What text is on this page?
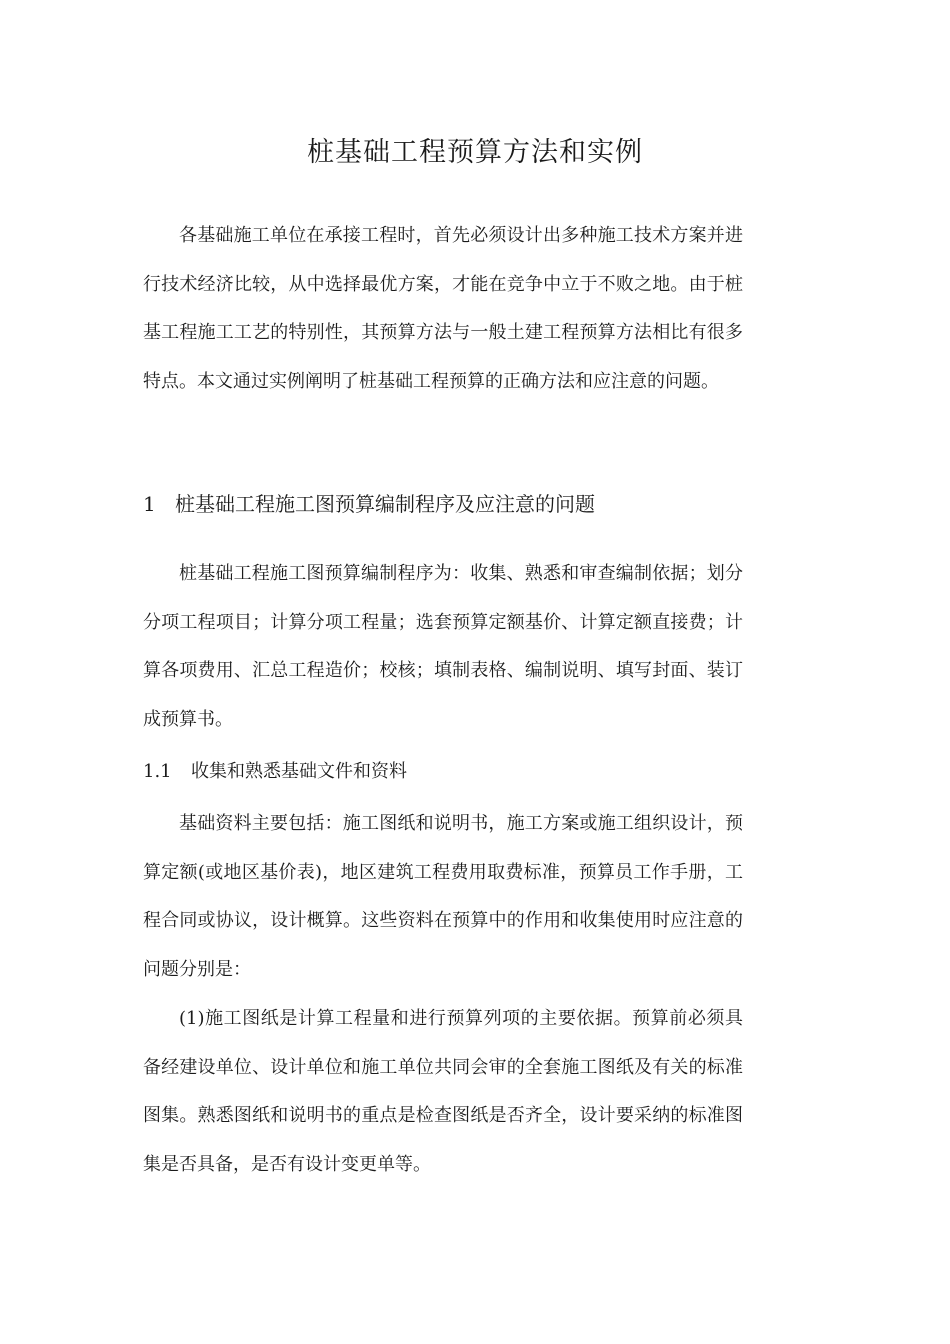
桩基础工程预算方法和实例

各基础施工单位在承接工程时，首先必须设计出多种施工技术方案并进行技术经济比较，从中选择最优方案，才能在竞争中立于不败之地。由于桩基工程施工工艺的特别性，其预算方法与一般土建工程预算方法相比有很多特点。本文通过实例阐明了桩基础工程预算的正确方法和应注意的问题。

1 桩基础工程施工图预算编制程序及应注意的问题

桩基础工程施工图预算编制程序为：收集、熟悉和审查编制依据；划分分项工程项目；计算分项工程量；选套预算定额基价、计算定额直接费；计算各项费用、汇总工程造价；校核；填制表格、编制说明、填写封面、装订成预算书。

1.1 收集和熟悉基础文件和资料

基础资料主要包括：施工图纸和说明书，施工方案或施工组织设计，预算定额(或地区基价表)，地区建筑工程费用取费标准，预算员工作手册，工程合同或协议，设计概算。这些资料在预算中的作用和收集使用时应注意的问题分别是：

(1)施工图纸是计算工程量和进行预算列项的主要依据。预算前必须具备经建设单位、设计单位和施工单位共同会审的全套施工图纸及有关的标准图集。熟悉图纸和说明书的重点是检查图纸是否齐全，设计要采纳的标准图集是否具备，是否有设计变更单等。
